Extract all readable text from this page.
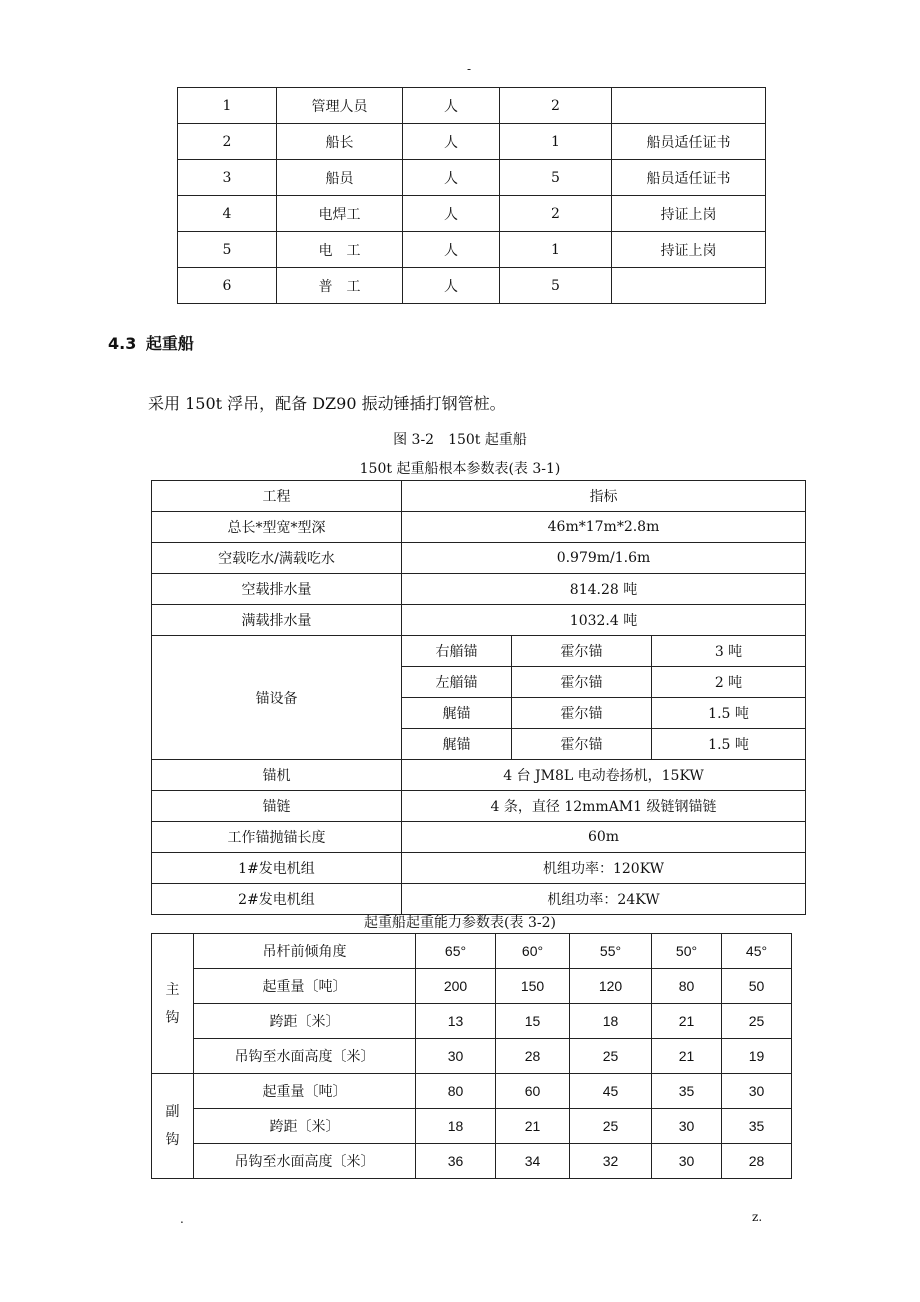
-
1	管理人员	人	2	
2	船长	人	1	船员适任证书
3	船员	人	5	船员适任证书
4	电焊工	人	2	持证上岗
5	电　工	人	1	持证上岗
6	普　工	人	5	
4.3 起重船
采用 150t 浮吊，配备 DZ90 振动锤插打钢管桩。
图 3-2　150t 起重船
150t 起重船根本参数表(表 3-1)
工程	指标		
总长*型宽*型深	46m*17m*2.8m		
空载吃水/满载吃水	0.979m/1.6m		
空载排水量	814.28 吨		
满载排水量	1032.4 吨		
锚设备	右艏锚	霍尔锚	3 吨
	左艏锚	霍尔锚	2 吨
	艉锚	霍尔锚	1.5 吨
	艉锚	霍尔锚	1.5 吨
锚机	4 台 JM8L 电动卷扬机，15KW		
锚链	4 条，直径 12mmAM1 级链钢锚链		
工作锚抛锚长度	60m		
1#发电机组	机组功率：120KW		
2#发电机组	机组功率：24KW		
起重船起重能力参数表(表 3-2)
主
钩	吊杆前倾角度	65°	60°	55°	50°	45°
	起重量〔吨〕	200	150	120	80	50
	跨距〔米〕	13	15	18	21	25
	吊钩至水面高度〔米〕	30	28	25	21	19

副
钩	起重量〔吨〕	80	60	45	35	30
	跨距〔米〕	18	21	25	30	35
	吊钩至水面高度〔米〕	36	34	32	30	28
.	z.
